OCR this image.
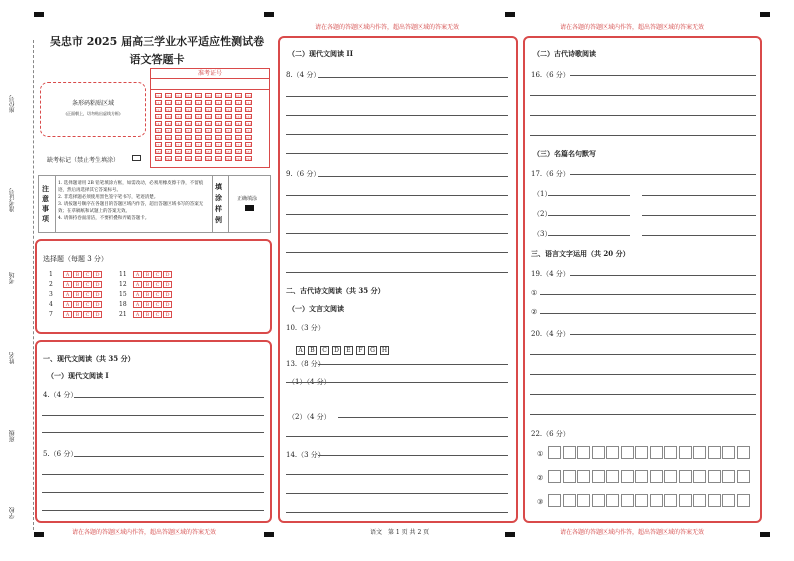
请在各题的答题区域内作答，超出答题区域的答案无效	请在各题的答题区域内作答，超出答题区域的答案无效
请在各题的答题区域内作答，超出答题区域的答案无效	请在各题的答题区域内作答，超出答题区域的答案无效
语文　第 1 页 共 2 页
座位号
准考证号
考场
姓名
班级
学校
吴忠市 2025 届高三学业水平适应性测试卷
语文答题卡
条形码粘贴区域
(正面朝上，切勿贴出虚线方框)
准考证号
[0] [0] [0] [0] [0] [0] [0] [0] [0] [0]
[1] [1] [1] [1] [1] [1] [1] [1] [1] [1]
[2] [2] [2] [2] [2] [2] [2] [2] [2] [2]
[3] [3] [3] [3] [3] [3] [3] [3] [3] [3]
[4] [4] [4] [4] [4] [4] [4] [4] [4] [4]
[5] [5] [5] [5] [5] [5] [5] [5] [5] [5]
[6] [6] [6] [6] [6] [6] [6] [6] [6] [6]
[7] [7] [7] [7] [7] [7] [7] [7] [7] [7]
[8] [8] [8] [8] [8] [8] [8] [8] [8] [8]
[9] [9] [9] [9] [9] [9] [9] [9] [9] [9]
缺考标记（禁止考生填涂）
注意事项
1. 选择题请用 2B 铅笔填涂方框，如需改动，必须用橡皮擦干净，不留痕迹，然后再选择其它答案标号。
2. 非选择题必须使用黑色签字笔书写，笔迹清楚。
3. 请按题号顺序在各题目的答题区域内作答，超出答题区域书写的答案无效；在草稿纸和试题上的答案无效。
4. 请保持卷面清洁，不要折叠和弄破答题卡。
填涂样例
正确填涂
选择题（每题 3 分）
1	A B C D
2	A B C D
3	A B C D
4	A B C D
7	A B C D
11 A B C D
12 A B C D
15 A B C D
18 A B C D
21 A B C D
一、现代文阅读（共 35 分）
（一）现代文阅读 I
4.（4 分）
5.（6 分）
（二）现代文阅读 II
8.（4 分）
9.（6 分）
二、古代诗文阅读（共 35 分）
（一）文言文阅读
10.（3 分）
A B C D E F G H
13.（8 分）
（1）（4 分）
（2）（4 分）
14.（3 分）
（二）古代诗歌阅读
16.（6 分）
（三）名篇名句默写
17.（6 分）
（1）
（2）
（3）
三、语言文字运用（共 20 分）
19.（4 分）
①
②
20.（4 分）
22.（6 分）
①
②
③
